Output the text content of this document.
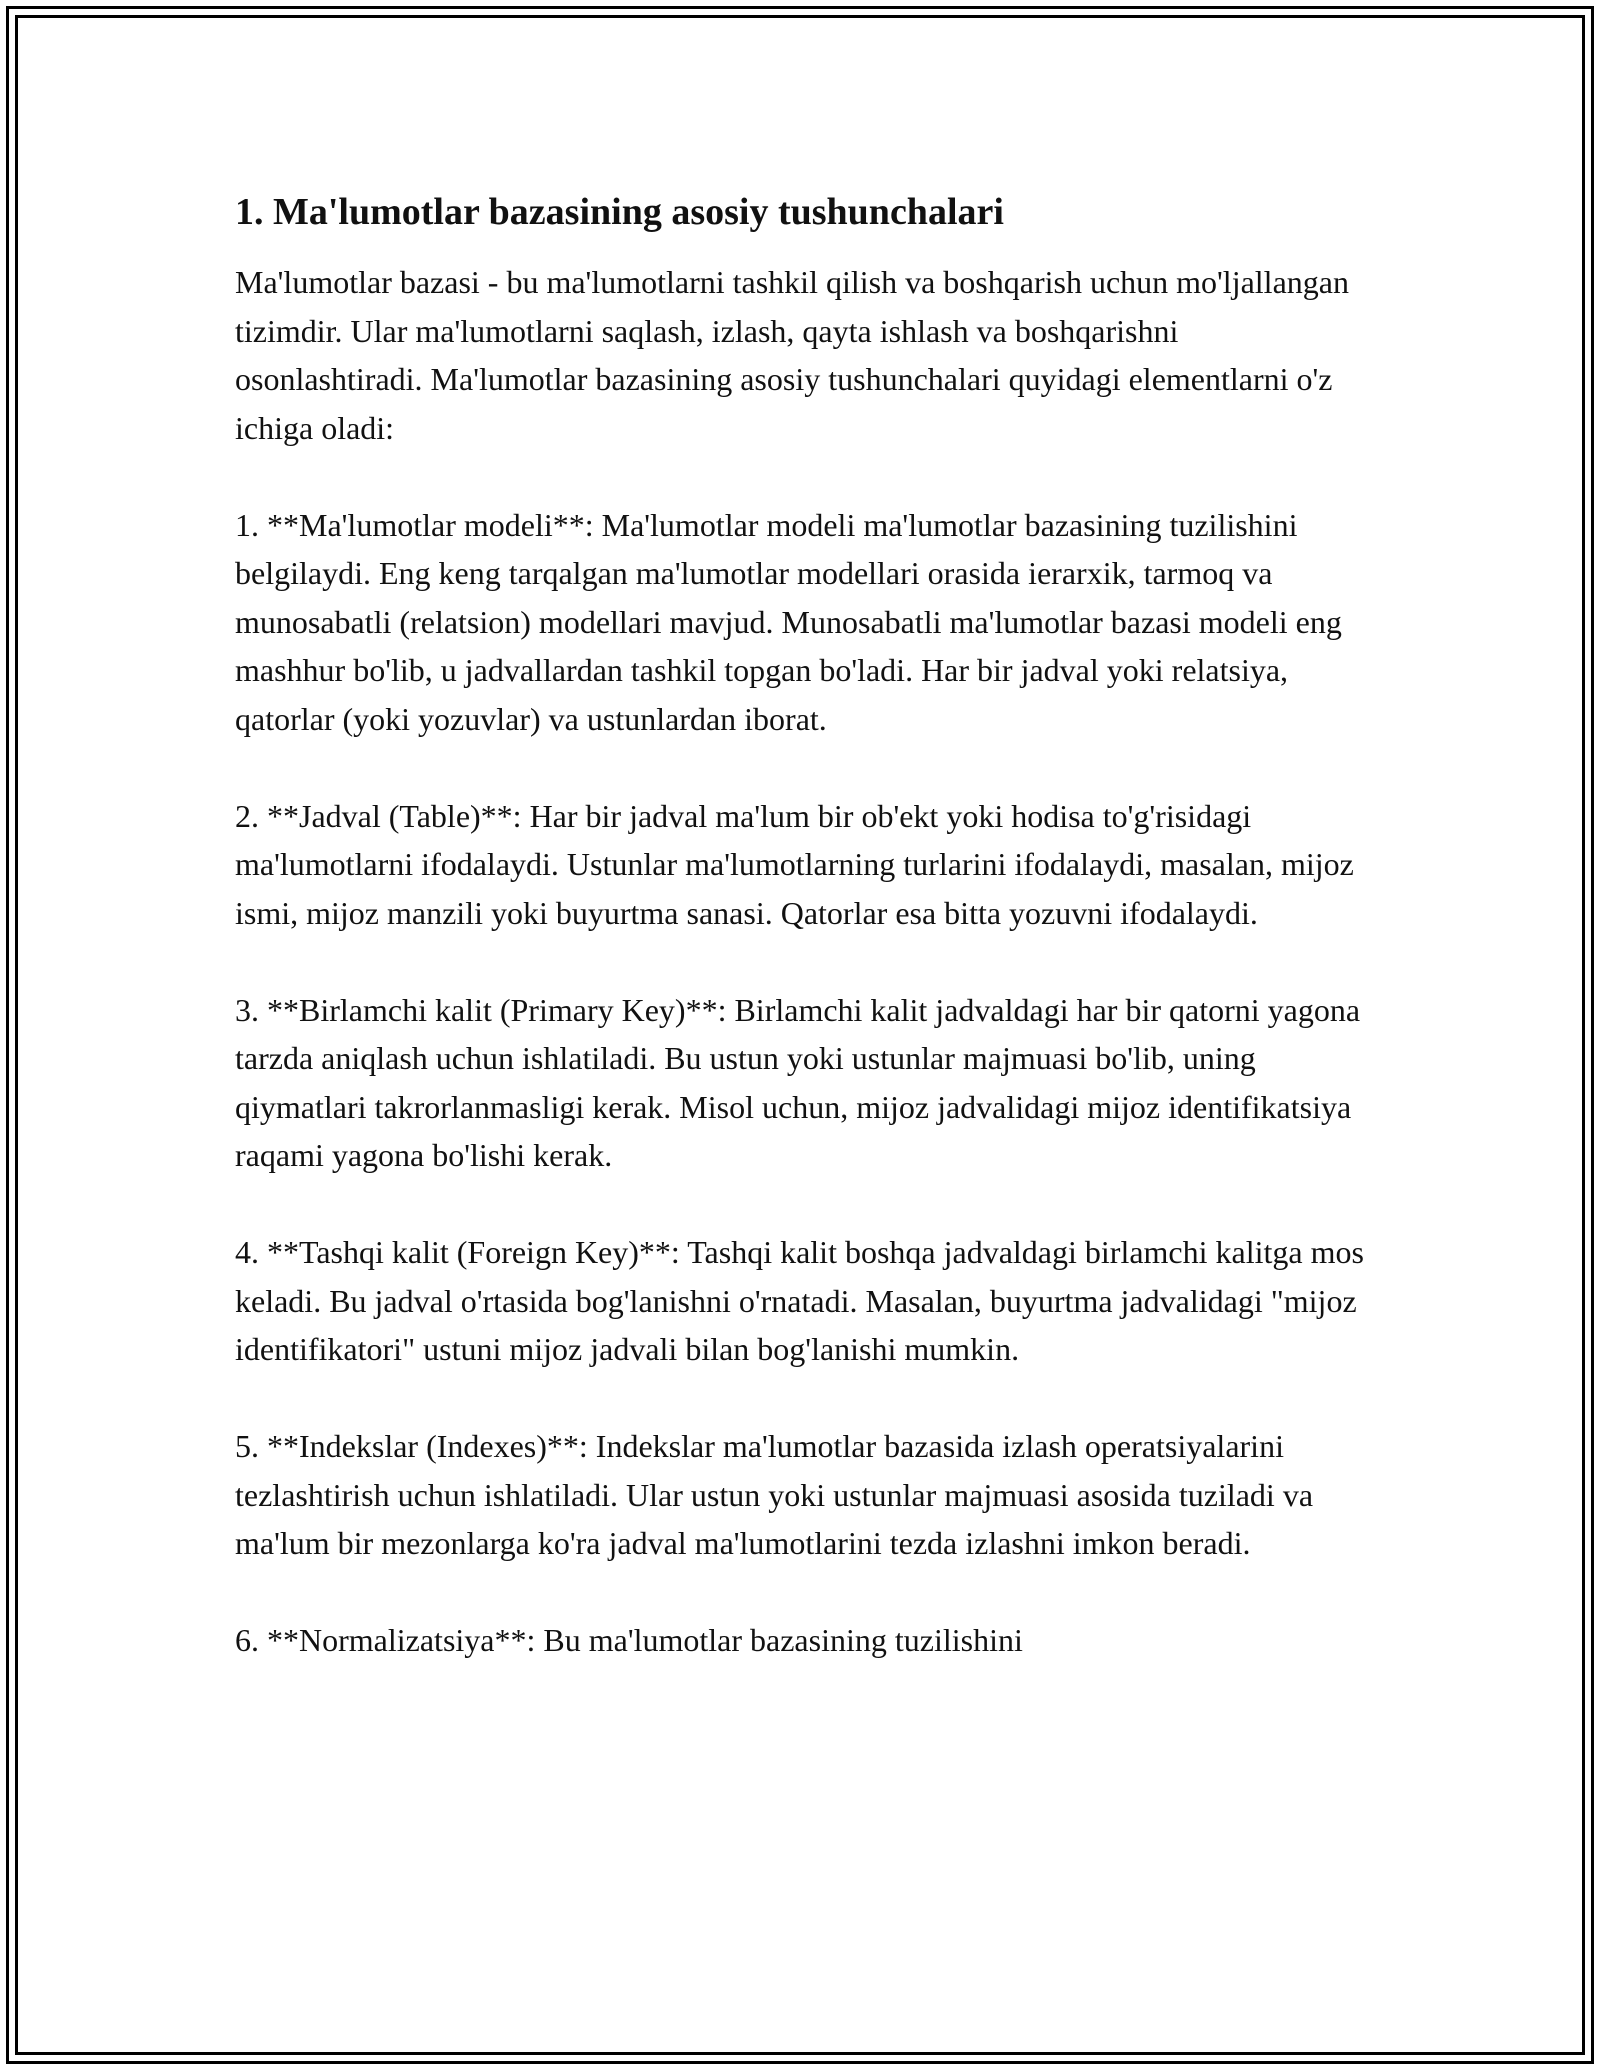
1. Ma'lumotlar bazasining asosiy tushunchalari

Ma'lumotlar bazasi - bu ma'lumotlarni tashkil qilish va boshqarish uchun mo'ljallangan tizimdir. Ular ma'lumotlarni saqlash, izlash, qayta ishlash va boshqarishni osonlashtiradi. Ma'lumotlar bazasining asosiy tushunchalari quyidagi elementlarni o'z ichiga oladi:

1. **Ma'lumotlar modeli**: Ma'lumotlar modeli ma'lumotlar bazasining tuzilishini belgilaydi. Eng keng tarqalgan ma'lumotlar modellari orasida ierarxik, tarmoq va munosabatli (relatsion) modellari mavjud. Munosabatli ma'lumotlar bazasi modeli eng mashhur bo'lib, u jadvallardan tashkil topgan bo'ladi. Har bir jadval yoki relatsiya, qatorlar (yoki yozuvlar) va ustunlardan iborat.

2. **Jadval (Table)**: Har bir jadval ma'lum bir ob'ekt yoki hodisa to'g'risidagi ma'lumotlarni ifodalaydi. Ustunlar ma'lumotlarning turlarini ifodalaydi, masalan, mijoz ismi, mijoz manzili yoki buyurtma sanasi. Qatorlar esa bitta yozuvni ifodalaydi.

3. **Birlamchi kalit (Primary Key)**: Birlamchi kalit jadvaldagi har bir qatorni yagona tarzda aniqlash uchun ishlatiladi. Bu ustun yoki ustunlar majmuasi bo'lib, uning qiymatlari takrorlanmasligi kerak. Misol uchun, mijoz jadvalidagi mijoz identifikatsiya raqami yagona bo'lishi kerak.

4. **Tashqi kalit (Foreign Key)**: Tashqi kalit boshqa jadvaldagi birlamchi kalitga mos keladi. Bu jadval o'rtasida bog'lanishni o'rnatadi. Masalan, buyurtma jadvalidagi "mijoz identifikatori" ustuni mijoz jadvali bilan bog'lanishi mumkin.

5. **Indekslar (Indexes)**: Indekslar ma'lumotlar bazasida izlash operatsiyalarini tezlashtirish uchun ishlatiladi. Ular ustun yoki ustunlar majmuasi asosida tuziladi va ma'lum bir mezonlarga ko'ra jadval ma'lumotlarini tezda izlashni imkon beradi.

6. **Normalizatsiya**: Bu ma'lumotlar bazasining tuzilishini
